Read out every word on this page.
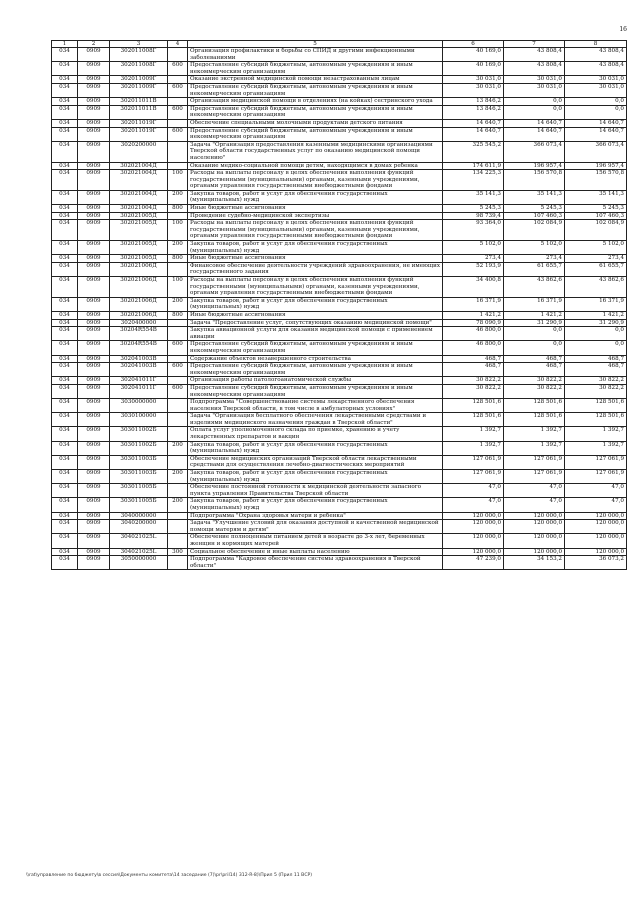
16
1	2	3	4	5	6	7	8
034	0909	302011008Г		Организация профилактики и борьбы со СПИД и другими инфекционными заболеваниями	40 169,0	43 808,4	43 808,4
034	0909	302011008Г	600	Предоставление субсидий бюджетным, автономным учреждениям и иным некоммерческим организациям	40 169,0	43 808,4	43 808,4
034	0909	302011009Г		Оказание экстренной медицинской помощи незастрахованным лицам	30 031,0	30 031,0	30 031,0
034	0909	302011009Г	600	Предоставление субсидий бюджетным, автономным учреждениям и иным некоммерческим организациям	30 031,0	30 031,0	30 031,0
034	0909	302011011В		Организация медицинской помощи в отделениях (на койках) сестринского ухода	13 846,2	0,0	0,0
034	0909	302011011В	600	Предоставление субсидий бюджетным, автономным учреждениям и иным некоммерческим организациям	13 846,2	0,0	0,0
034	0909	302011019Г		Обеспечение специальными молочными продуктами детского питания	14 640,7	14 640,7	14 640,7
034	0909	302011019Г	600	Предоставление субсидий бюджетным, автономным учреждениям и иным некоммерческим организациям	14 640,7	14 640,7	14 640,7
034	0909	3020200000		Задача "Организация предоставления казенными медицинскими организациями Тверской области государственных услуг по оказанию медицинской помощи населению"	325 545,2	366 073,4	366 073,4
034	0909	302021004Д		Оказание медико-социальной помощи детям, находящимся в домах ребенка	174 611,9	196 957,4	196 957,4
034	0909	302021004Д	100	Расходы на выплаты персоналу в целях обеспечения выполнения функций государственными (муниципальными) органами, казенными учреждениями, органами управления государственными внебюджетными фондами	134 225,3	156 570,8	156 570,8
034	0909	302021004Д	200	Закупка товаров, работ и услуг для обеспечения государственных (муниципальных) нужд	35 141,3	35 141,3	35 141,3
034	0909	302021004Д	800	Иные бюджетные ассигнования	5 245,3	5 245,3	5 245,3
034	0909	302021005Д		Проведение судебно-медицинской экспертизы	98 739,4	107 460,3	107 460,3
034	0909	302021005Д	100	Расходы на выплаты персоналу в целях обеспечения выполнения функций государственными (муниципальными) органами, казенными учреждениями, органами управления государственными внебюджетными фондами	93 364,0	102 084,9	102 084,9
034	0909	302021005Д	200	Закупка товаров, работ и услуг для обеспечения государственных (муниципальных) нужд	5 102,0	5 102,0	5 102,0
034	0909	302021005Д	800	Иные бюджетные ассигнования	273,4	273,4	273,4
034	0909	302021006Д		Финансовое обеспечение деятельности учреждений здравоохранения, не имеющих государственного задания	52 193,9	61 655,7	61 655,7
034	0909	302021006Д	100	Расходы на выплаты персоналу в целях обеспечения выполнения функций государственными (муниципальными) органами, казенными учреждениями, органами управления государственными внебюджетными фондами	34 400,8	43 862,6	43 862,6
034	0909	302021006Д	200	Закупка товаров, работ и услуг для обеспечения государственных (муниципальных) нужд	16 371,9	16 371,9	16 371,9
034	0909	302021006Д	800	Иные бюджетные ассигнования	1 421,2	1 421,2	1 421,2
034	0909	3020400000		Задача "Предоставление услуг, сопутствующих оказанию медицинской помощи"	78 090,9	31 290,9	31 290,9
034	0909	30204R554В		Закупка авиационной услуги для оказания медицинской помощи с применением авиации	46 800,0	0,0	0,0
034	0909	30204R554В	600	Предоставление субсидий бюджетным, автономным учреждениям и иным некоммерческим организациям	46 800,0	0,0	0,0
034	0909	302041003В		Содержание объектов незавершенного строительства	468,7	468,7	468,7
034	0909	302041003В	600	Предоставление субсидий бюджетным, автономным учреждениям и иным некоммерческим организациям	468,7	468,7	468,7
034	0909	302041011Г		Организация работы патологоанатомической службы	30 822,2	30 822,2	30 822,2
034	0909	302041011Г	600	Предоставление субсидий бюджетным, автономным учреждениям и иным некоммерческим организациям	30 822,2	30 822,2	30 822,2
034	0909	3030000000		Подпрограмма "Совершенствование системы лекарственного обеспечения населения Тверской области, в том числе в амбулаторных условиях"	128 501,6	128 501,6	128 501,6
034	0909	3030100000		Задача "Организация бесплатного обеспечения лекарственными средствами и изделиями медицинского назначения граждан в Тверской области"	128 501,6	128 501,6	128 501,6
034	0909	303011002Б		Оплата услуг уполномоченного склада по приемке, хранению и учету лекарственных препаратов и вакцин	1 392,7	1 392,7	1 392,7
034	0909	303011002Б	200	Закупка товаров, работ и услуг для обеспечения государственных (муниципальных) нужд	1 392,7	1 392,7	1 392,7
034	0909	303011003Б		Обеспечение медицинских организаций Тверской области лекарственными средствами для осуществления лечебно-диагностических мероприятий	127 061,9	127 061,9	127 061,9
034	0909	303011003Б	200	Закупка товаров, работ и услуг для обеспечения государственных (муниципальных) нужд	127 061,9	127 061,9	127 061,9
034	0909	303011005Б		Обеспечение постоянной готовности к медицинской деятельности запасного пункта управления Правительства Тверской области	47,0	47,0	47,0
034	0909	303011005Б	200	Закупка товаров, работ и услуг для обеспечения государственных (муниципальных) нужд	47,0	47,0	47,0
034	0909	3040000000		Подпрограмма "Охрана здоровья матери и ребенка"	120 000,0	120 000,0	120 000,0
034	0909	3040200000		Задача "Улучшение условий для оказания доступной и качественной медицинской помощи матерям и детям"	120 000,0	120 000,0	120 000,0
034	0909	304021025L		Обеспечение полноценным питанием детей в возрасте до 3-х лет, беременных женщин и кормящих матерей	120 000,0	120 000,0	120 000,0
034	0909	304021025L	300	Социальное обеспечение и иные выплаты населению	120 000,0	120 000,0	120 000,0
034	0909	3050000000		Подпрограмма "Кадровое обеспечение системы здравоохранения в Тверской области"	47 239,0	34 153,2	36 073,2
\\rat\управление по бюджету\в сессия\Документы комитета\14 заседание (7)\pr\pril14) 312-R-8)\Прил 5 (Прил 11 ВСР)
